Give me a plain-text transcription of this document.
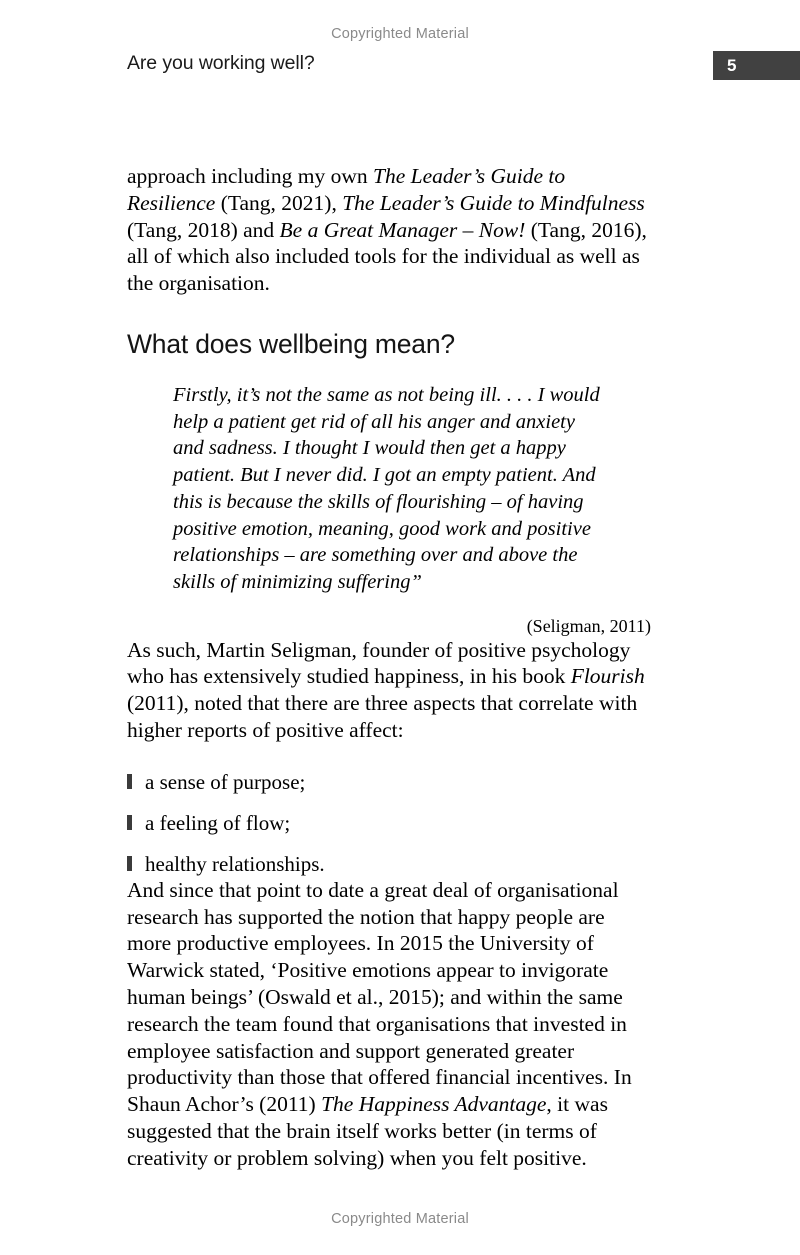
Copyrighted Material
Are you working well?	5

approach including my own The Leader’s Guide to Resilience (Tang, 2021), The Leader’s Guide to Mindfulness (Tang, 2018) and Be a Great Manager – Now! (Tang, 2016), all of which also included tools for the individual as well as the organisation.

What does wellbeing mean?

Firstly, it’s not the same as not being ill. . . . I would help a patient get rid of all his anger and anxiety and sadness. I thought I would then get a happy patient. But I never did. I got an empty patient. And this is because the skills of flourishing – of having positive emotion, meaning, good work and positive relationships – are something over and above the skills of minimizing suffering”

(Seligman, 2011)

As such, Martin Seligman, founder of positive psychology who has extensively studied happiness, in his book Flourish (2011), noted that there are three aspects that correlate with higher reports of positive affect:

a sense of purpose;
a feeling of flow;
healthy relationships.

And since that point to date a great deal of organisational research has supported the notion that happy people are more productive employees. In 2015 the University of Warwick stated, ‘Positive emotions appear to invigorate human beings’ (Oswald et al., 2015); and within the same research the team found that organisations that invested in employee satisfaction and support generated greater productivity than those that offered financial incentives. In Shaun Achor’s (2011) The Happiness Advantage, it was suggested that the brain itself works better (in terms of creativity or problem solving) when you felt positive.

Copyrighted Material
